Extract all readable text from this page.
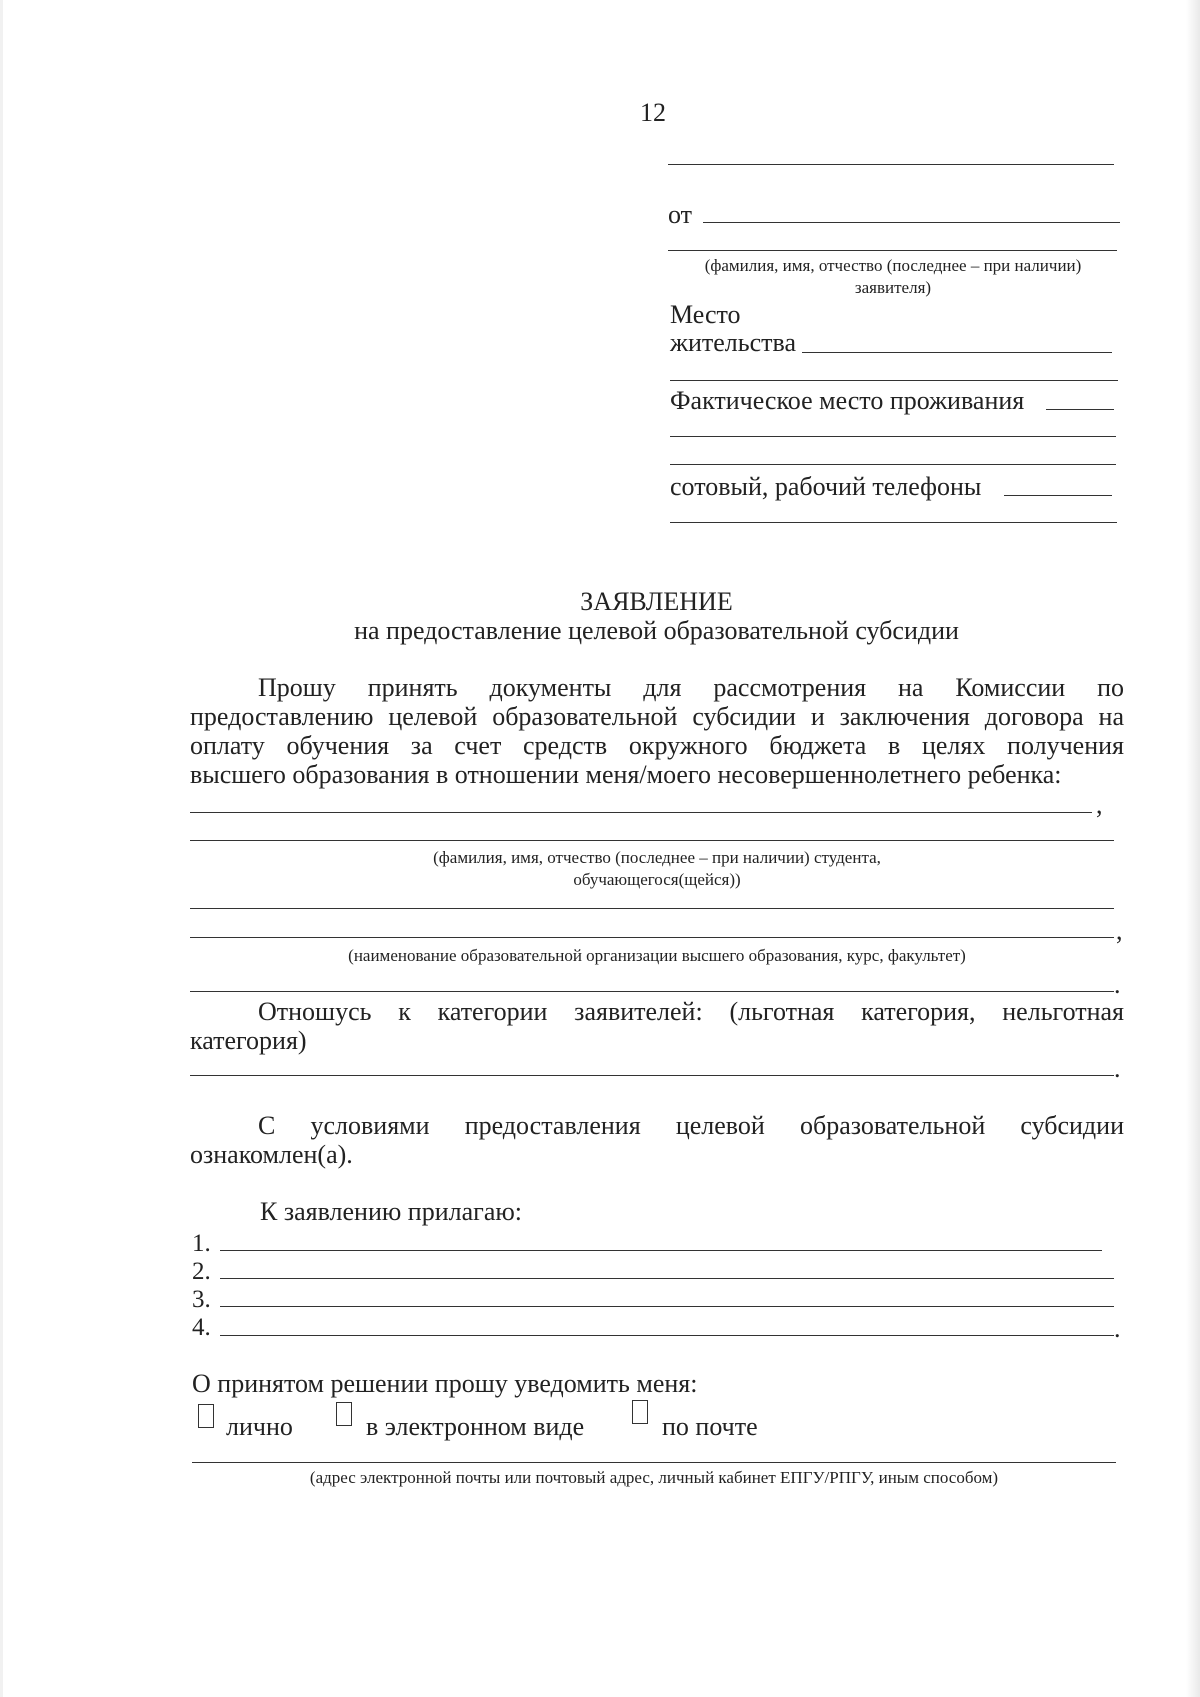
12
от
(фамилия, имя, отчество (последнее – при наличии)
заявителя)
Место
жительства
Фактическое место проживания
сотовый, рабочий телефоны
ЗАЯВЛЕНИЕ
на предоставление целевой образовательной субсидии
Прошу принять документы для рассмотрения на Комиссии по
предоставлению целевой образовательной субсидии и заключения договора на
оплату обучения за счет средств окружного бюджета в целях получения
высшего образования в отношении меня/моего несовершеннолетнего ребенка:
,
(фамилия, имя, отчество (последнее – при наличии) студента,
обучающегося(щейся))
,
(наименование образовательной организации высшего образования, курс, факультет)
.
Отношусь к категории заявителей: (льготная категория, нельготная
категория)
.
С условиями предоставления целевой образовательной субсидии
ознакомлен(а).
К заявлению прилагаю:
1.
2.
3.
4.	.
О принятом решении прошу уведомить меня:
лично	в электронном виде	по почте
(адрес электронной почты или почтовый адрес, личный кабинет ЕПГУ/РПГУ, иным способом)
